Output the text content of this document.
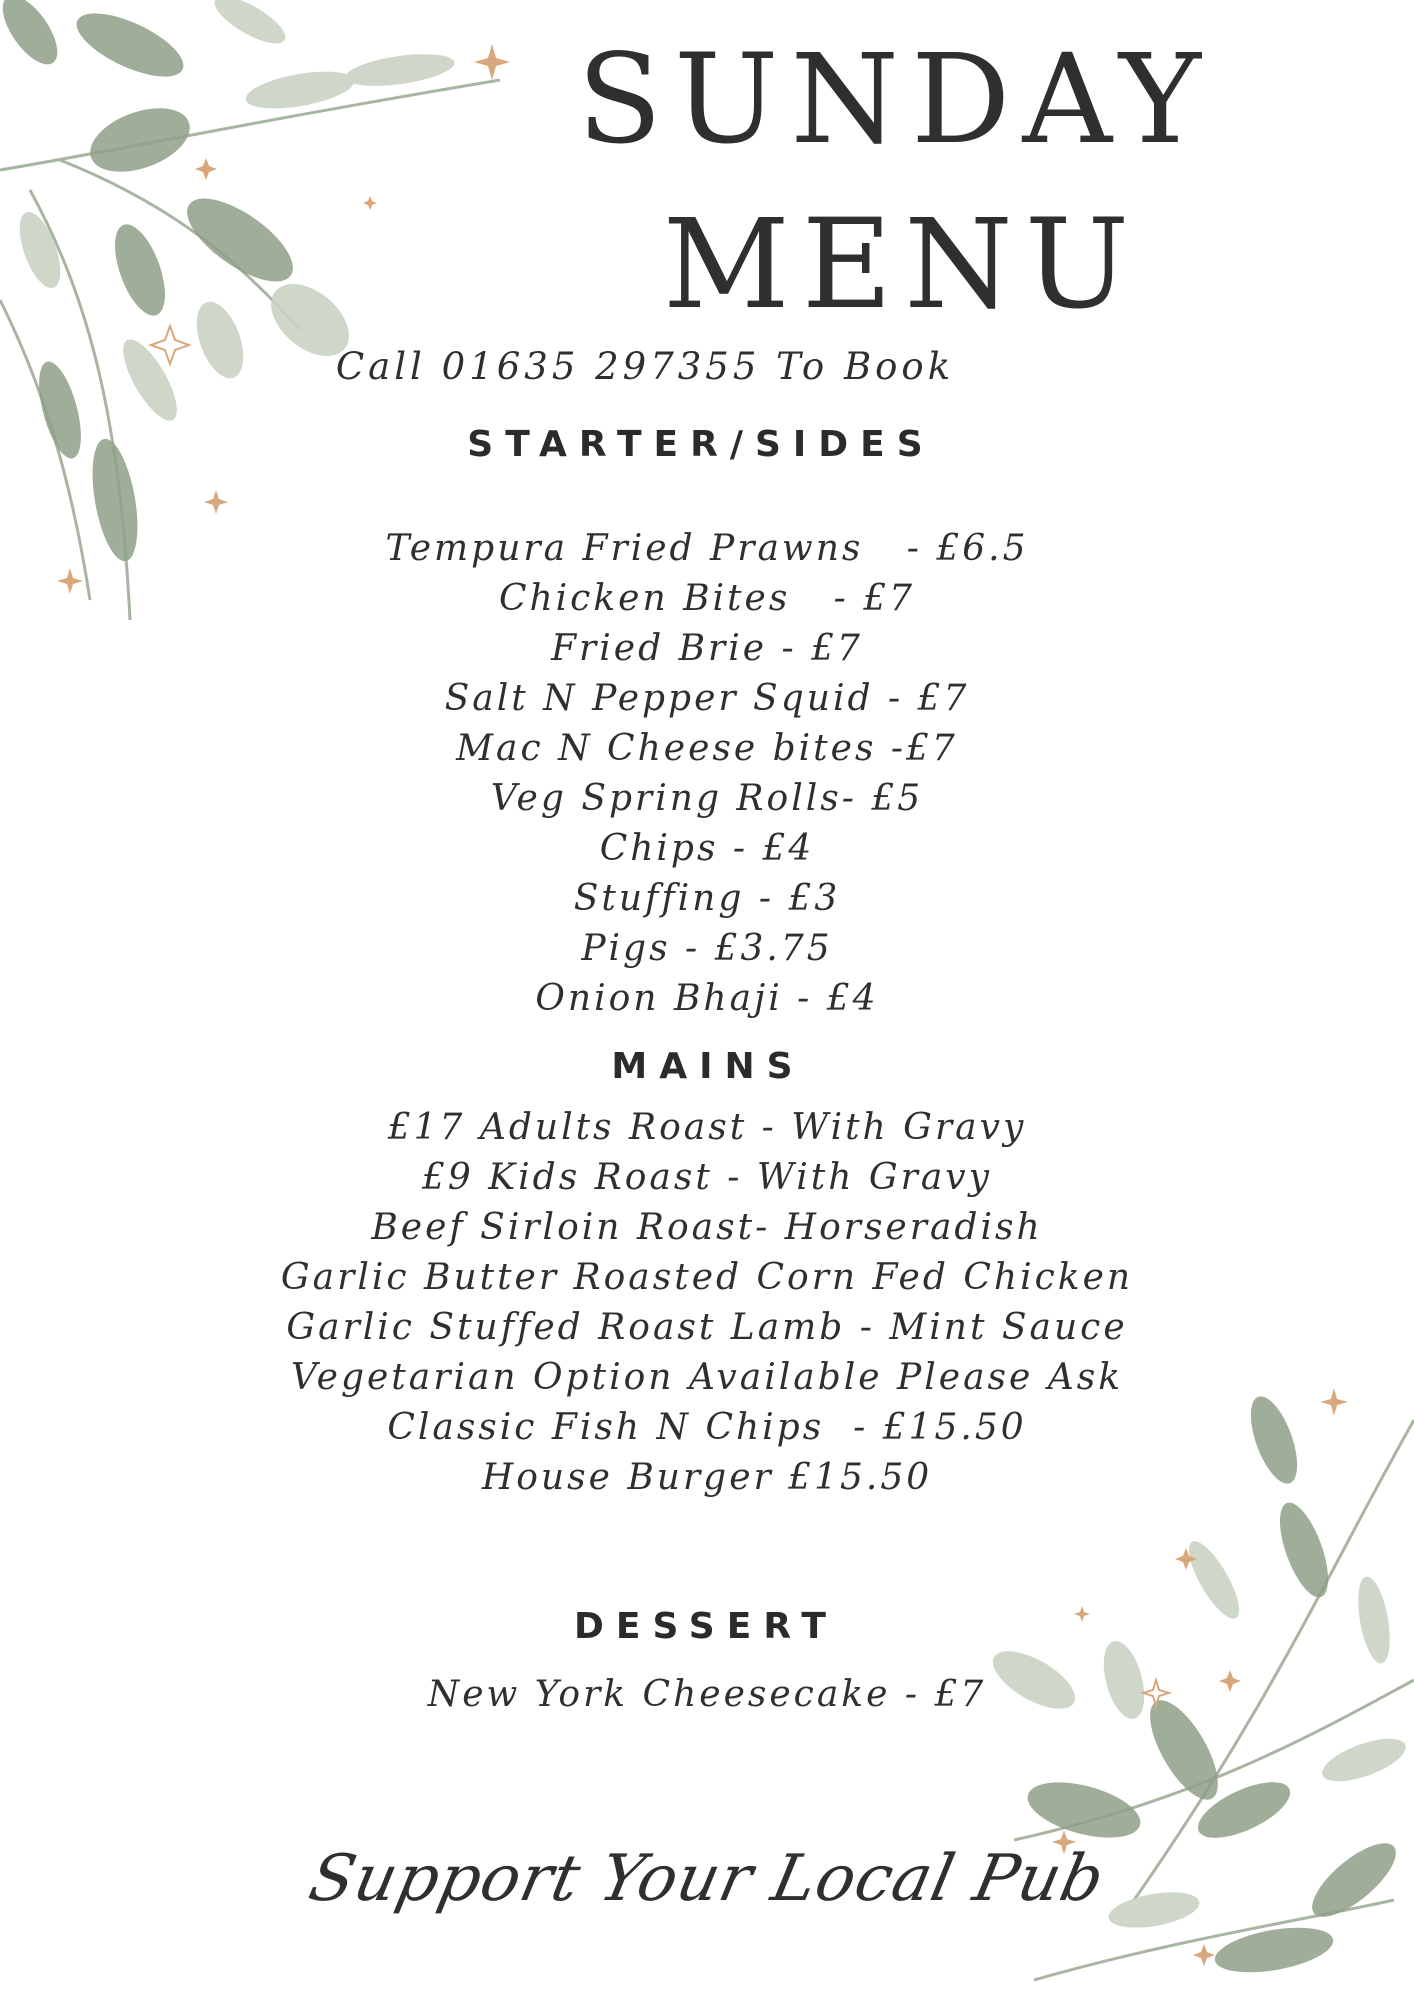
SUNDAY
MENU
Call 01635 297355 To Book
STARTER/SIDES
Tempura Fried Prawns   - £6.5
Chicken Bites   - £7
Fried Brie - £7
Salt N Pepper Squid - £7
Mac N Cheese bites -£7
Veg Spring Rolls- £5
Chips - £4
Stuffing - £3
Pigs - £3.75
Onion Bhaji - £4
MAINS
£17 Adults Roast - With Gravy
£9 Kids Roast - With Gravy
Beef Sirloin Roast- Horseradish
Garlic Butter Roasted Corn Fed Chicken
Garlic Stuffed Roast Lamb - Mint Sauce
Vegetarian Option Available Please Ask
Classic Fish N Chips  - £15.50
House Burger £15.50
DESSERT
New York Cheesecake - £7
Support Your Local Pub
